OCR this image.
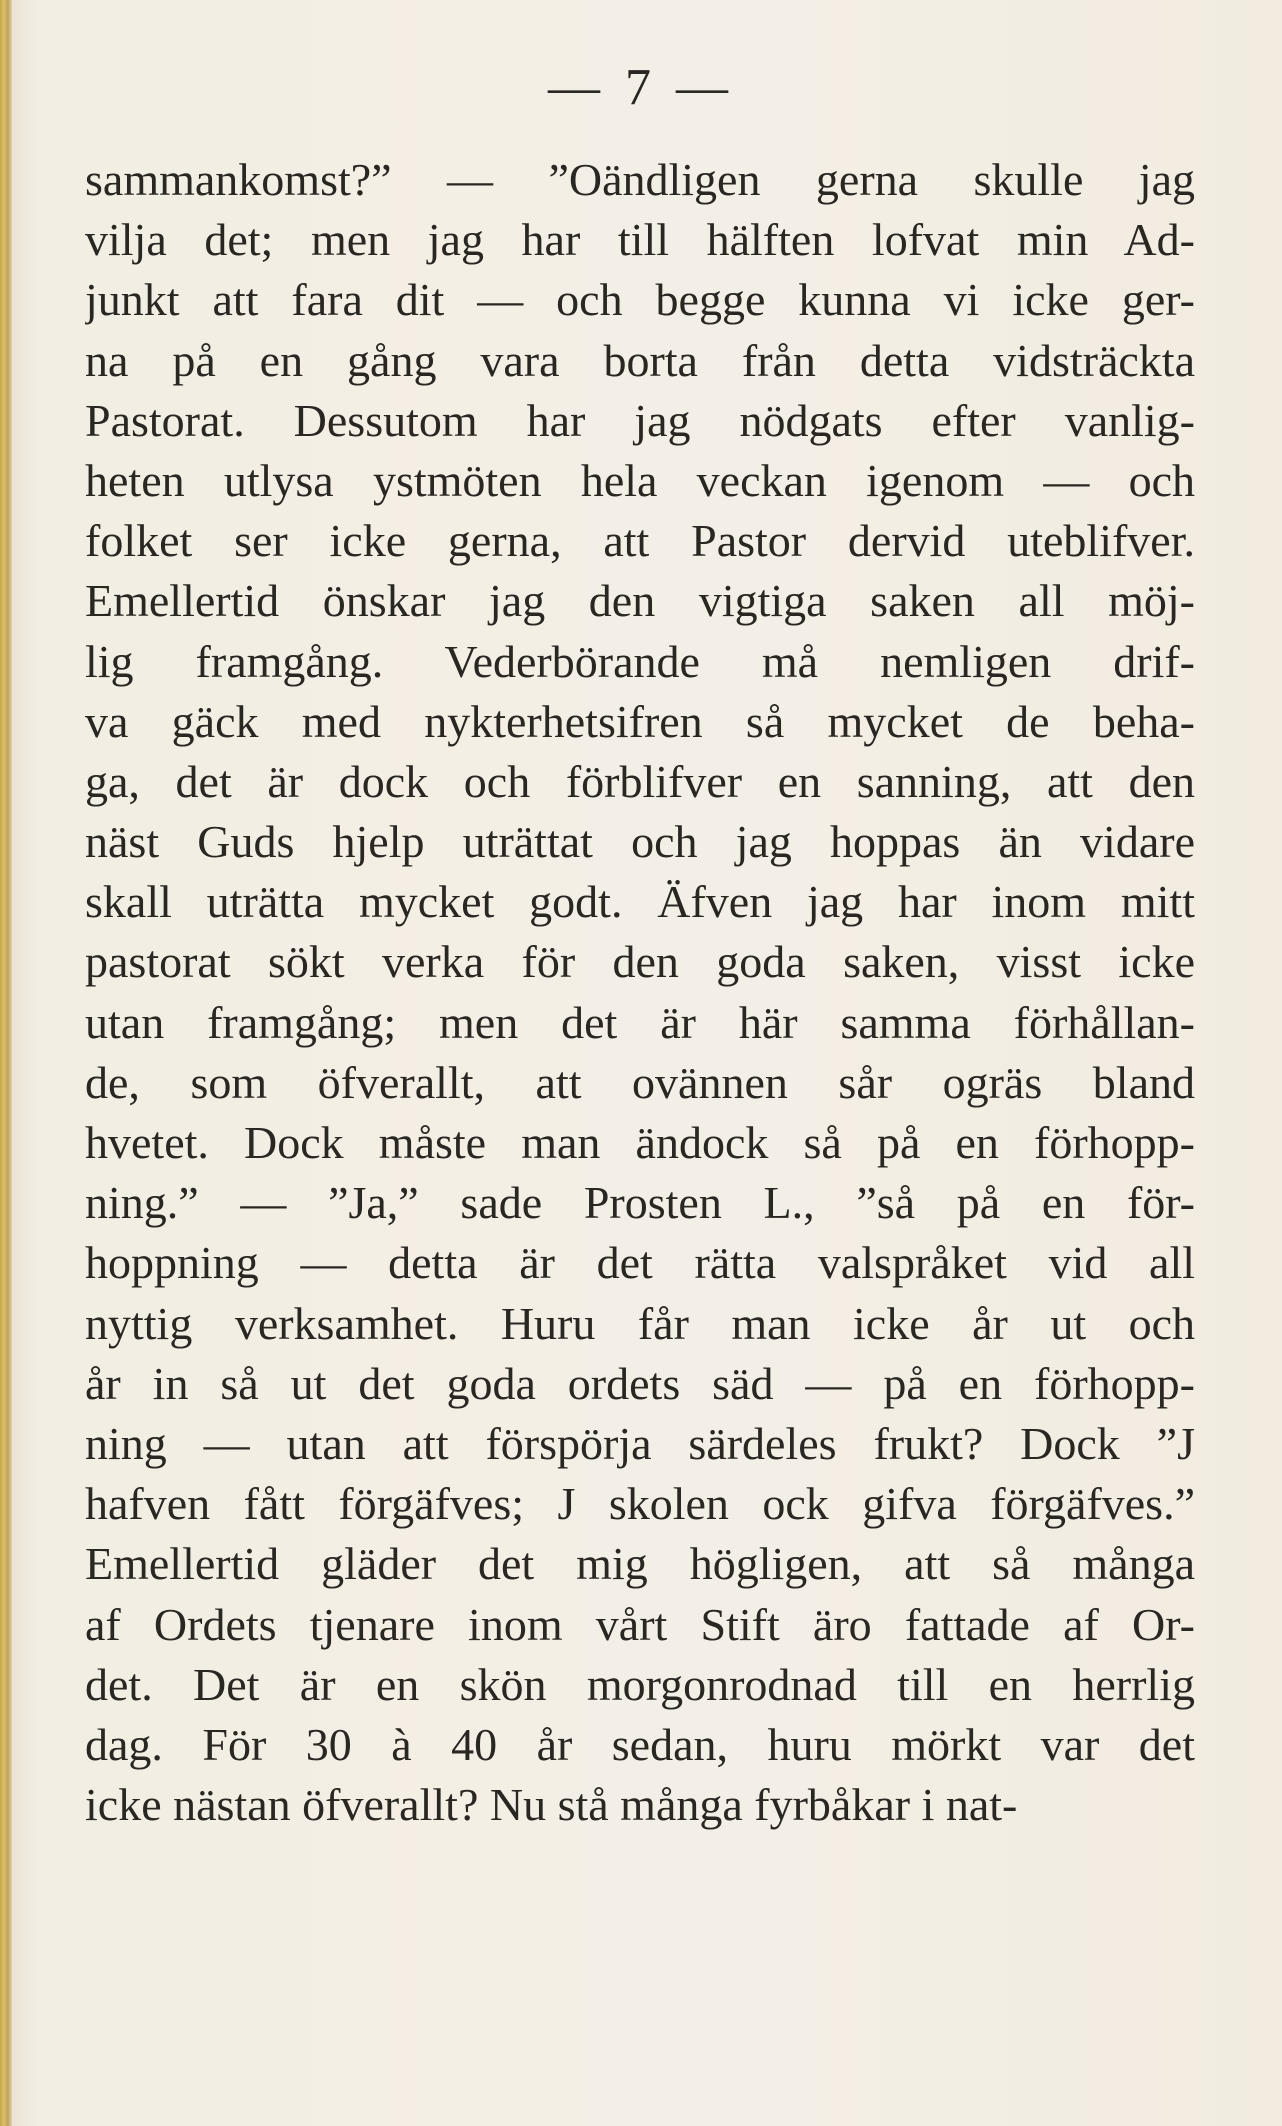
— 7 —
sammankomst?” — ”Oändligen gerna skulle jag
vilja det; men jag har till hälften lofvat min Ad-
junkt att fara dit — och begge kunna vi icke ger-
na på en gång vara borta från detta vidsträckta
Pastorat. Dessutom har jag nödgats efter vanlig-
heten utlysa ystmöten hela veckan igenom — och
folket ser icke gerna, att Pastor dervid uteblifver.
Emellertid önskar jag den vigtiga saken all möj-
lig framgång. Vederbörande må nemligen drif-
va gäck med nykterhetsifren så mycket de beha-
ga, det är dock och förblifver en sanning, att den
näst Guds hjelp uträttat och jag hoppas än vidare
skall uträtta mycket godt. Äfven jag har inom mitt
pastorat sökt verka för den goda saken, visst icke
utan framgång; men det är här samma förhållan-
de, som öfverallt, att ovännen sår ogräs bland
hvetet. Dock måste man ändock så på en förhopp-
ning.” — ”Ja,” sade Prosten L., ”så på en för-
hoppning — detta är det rätta valspråket vid all
nyttig verksamhet. Huru får man icke år ut och
år in så ut det goda ordets säd — på en förhopp-
ning — utan att förspörja särdeles frukt? Dock ”J
hafven fått förgäfves; J skolen ock gifva förgäfves.”
Emellertid gläder det mig högligen, att så många
af Ordets tjenare inom vårt Stift äro fattade af Or-
det. Det är en skön morgonrodnad till en herrlig
dag. För 30 à 40 år sedan, huru mörkt var det
icke nästan öfverallt? Nu stå många fyrbåkar i nat-
